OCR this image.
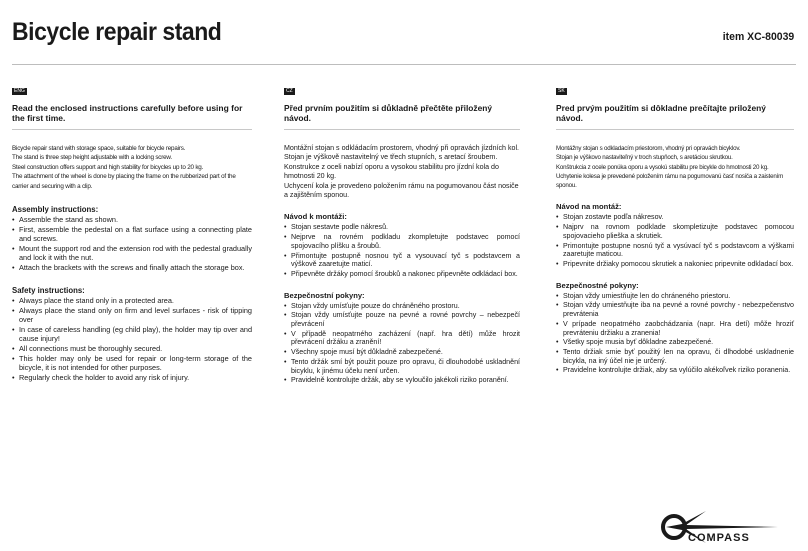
Bicycle repair stand	item XC-80039
ENG

Read the enclosed instructions carefully before using for the first time.

Bicycle repair stand with storage space, suitable for bicycle repairs.

The stand is three step height adjustable with a locking screw.

Steel construction offers support and high stability for bicycles up to 20 kg.

The attachment of the wheel is done by placing the frame on the rubberized part of the carrier and securing with a clip.

Assembly instructions:
• Assemble the stand as shown.
• First, assemble the pedestal on a flat surface using a connecting plate and screws.
• Mount the support rod and the extension rod with the pedestal gradually and lock it with the nut.
• Attach the brackets with the screws and finally attach the storage box.
Safety instructions:
• Always place the stand only in a protected area.
• Always place the stand only on firm and level surfaces - risk of tipping over
• In case of careless handling (eg child play), the holder may tip over and cause injury!
• All connections must be thoroughly secured.
• This holder may only be used for repair or long-term storage of the bicycle, it is not intended for other purposes.
• Regularly check the holder to avoid any risk of injury.
CZ

Před prvním použitím si důkladně přečtěte přiložený návod.

Montážní stojan s odkládacím prostorem, vhodný při opravách jízdních kol.

Stojan je výškově nastavitelný ve třech stupních, s aretací šroubem.

Konstrukce z oceli nabízí oporu a vysokou stabilitu pro jízdní kola do hmotnosti 20 kg.

Uchycení kola je provedeno položením rámu na pogumovanou část nosiče a zajištěním sponou.

Návod k montáži:
• Stojan sestavte podle nákresů.
• Nejprve na rovném podkladu zkompletujte podstavec pomocí spojovacího plíšku a šroubů.
• Přimontujte postupně nosnou tyč a vysouvací tyč s podstavcem a výškově zaaretujte maticí.
• Připevněte držáky pomocí šroubků a nakonec připevněte odkládací box.
Bezpečnostní pokyny:
• Stojan vždy umísťujte pouze do chráněného prostoru.
• Stojan vždy umísťujte pouze na pevné a rovné povrchy – nebezpečí převrácení
• V případě neopatrného zacházení (např. hra dětí) může hrozit převrácení držáku a zranění!
• Všechny spoje musí být důkladně zabezpečené.
• Tento držák smí být použit pouze pro opravu, či dlouhodobé uskladnění bicyklu, k jinému účelu není určen.
• Pravidelně kontrolujte držák, aby se vyloučilo jakékoli riziko poranění.
SK

Pred prvým použitím si dôkladne prečítajte priložený návod.

Montážny stojan s odkladacím priestorom, vhodný pri opravách bicyklov.

Stojan je výškovo nastaviteľný v troch stupňoch, s aretáciou skrutkou.

Konštrukcia z ocele ponúka oporu a vysokú stabilitu pre bicykle do hmotnosti 20 kg.

Uchytenie kolesa je prevedené položením rámu na pogumovanú časť nosiča a zaistením sponou.

Návod na montáž:
• Stojan zostavte podľa nákresov.
• Najprv na rovnom podklade skompletizujte podstavec pomocou spojovacieho plieška a skrutiek.
• Primontujte postupne nosnú tyč a vysúvací tyč s podstavcom a výškami zaaretujte maticou.
• Pripevnite držiaky pomocou skrutiek a nakoniec pripevnite odkladací box.
Bezpečnostné pokyny:
• Stojan vždy umiestňujte len do chráneného priestoru.
• Stojan vždy umiestňujte iba na pevné a rovné povrchy - nebezpečenstvo prevrátenia
• V prípade neopatrného zaobchádzania (napr. Hra detí) môže hroziť prevráteniu držiaku a zranenia!
• Všetky spoje musia byť dôkladne zabezpečené.
• Tento držiak smie byť použitý len na opravu, či dlhodobé uskladnenie bicykla, na iný účel nie je určený.
• Pravidelne kontrolujte držiak, aby sa vylúčilo akékoľvek riziko poranenia.
COMPASS
